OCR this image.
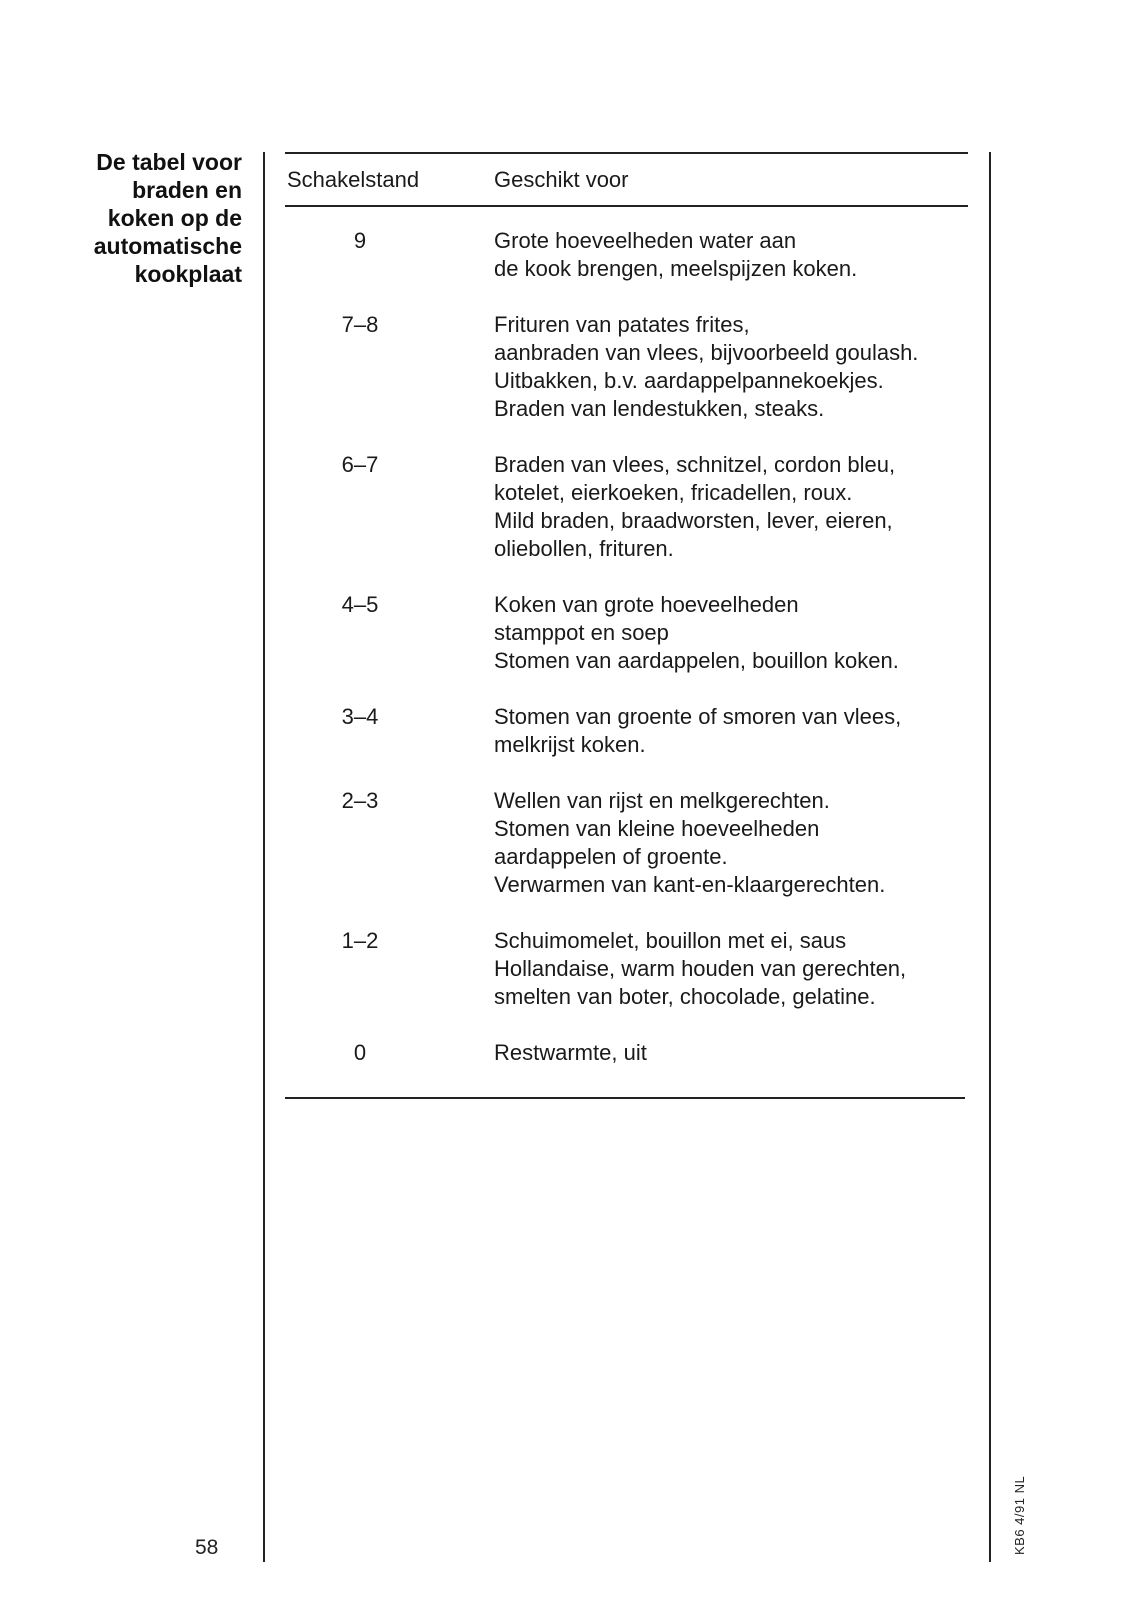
De tabel voor
braden en
koken op de
automatische
kookplaat
Schakelstand	Geschikt voor
9	Grote hoeveelheden water aan
de kook brengen, meelspijzen koken.
7–8	Frituren van patates frites,
aanbraden van vlees, bijvoorbeeld goulash.
Uitbakken, b.v. aardappelpannekoekjes.
Braden van lendestukken, steaks.
6–7	Braden van vlees, schnitzel, cordon bleu,
kotelet, eierkoeken, fricadellen, roux.
Mild braden, braadworsten, lever, eieren,
oliebollen, frituren.
4–5	Koken van grote hoeveelheden
stamppot en soep
Stomen van aardappelen, bouillon koken.
3–4	Stomen van groente of smoren van vlees,
melkrijst koken.
2–3	Wellen van rijst en melkgerechten.
Stomen van kleine hoeveelheden
aardappelen of groente.
Verwarmen van kant-en-klaargerechten.
1–2	Schuimomelet, bouillon met ei, saus
Hollandaise, warm houden van gerechten,
smelten van boter, chocolade, gelatine.
0	Restwarmte, uit
58	KB6 4/91 NL
